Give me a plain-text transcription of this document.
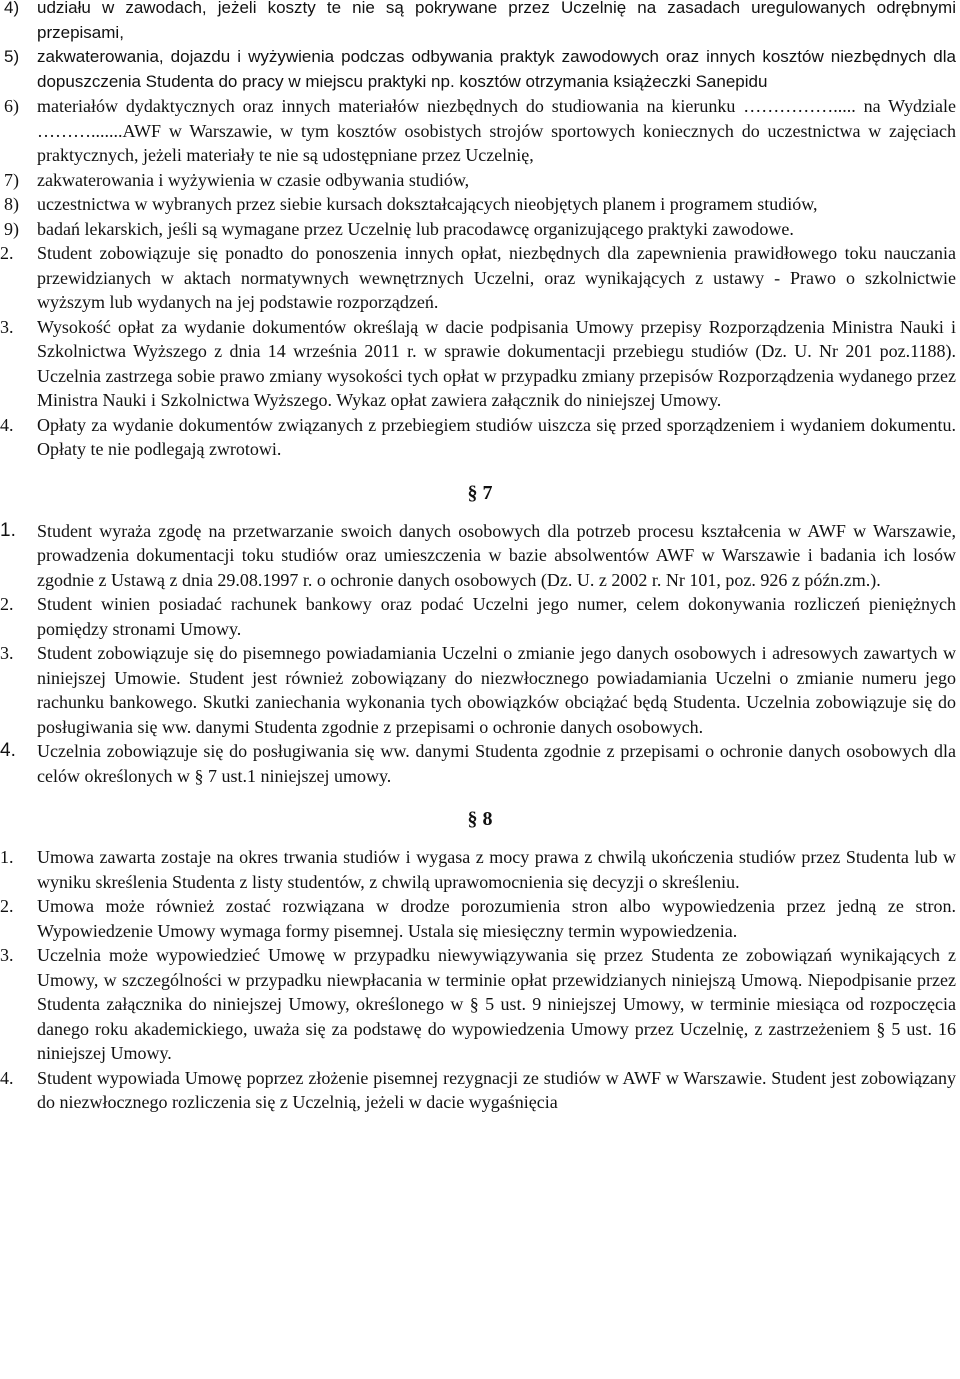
4)	udziału w zawodach, jeżeli koszty te nie są pokrywane przez Uczelnię na zasadach uregulowanych odrębnymi przepisami,
5)	zakwaterowania, dojazdu i wyżywienia podczas odbywania praktyk zawodowych oraz innych kosztów niezbędnych dla dopuszczenia Studenta do pracy w miejscu praktyki np. kosztów otrzymania książeczki Sanepidu
6)	materiałów dydaktycznych oraz innych materiałów niezbędnych do studiowania na kierunku ……………..... na Wydziale ……….......AWF w Warszawie, w tym kosztów osobistych strojów sportowych koniecznych do uczestnictwa w zajęciach praktycznych, jeżeli materiały te nie są udostępniane przez Uczelnię,
7)	zakwaterowania i wyżywienia w czasie odbywania studiów,
8)	uczestnictwa w wybranych przez siebie kursach dokształcających nieobjętych planem i programem studiów,
9)	badań lekarskich, jeśli są wymagane przez Uczelnię lub pracodawcę organizującego praktyki zawodowe.
2.	Student zobowiązuje się ponadto do ponoszenia innych opłat, niezbędnych dla zapewnienia prawidłowego toku nauczania przewidzianych w aktach normatywnych wewnętrznych Uczelni, oraz wynikających z ustawy - Prawo o szkolnictwie wyższym lub wydanych na jej podstawie rozporządzeń.
3.	Wysokość opłat za wydanie dokumentów określają w dacie podpisania Umowy przepisy Rozporządzenia Ministra Nauki i Szkolnictwa Wyższego z dnia 14 września 2011 r. w sprawie dokumentacji przebiegu studiów (Dz. U. Nr 201 poz.1188). Uczelnia zastrzega sobie prawo zmiany wysokości tych opłat w przypadku zmiany przepisów Rozporządzenia wydanego przez Ministra Nauki i Szkolnictwa Wyższego. Wykaz opłat zawiera załącznik do niniejszej Umowy.
4.	Opłaty za wydanie dokumentów związanych z przebiegiem studiów uiszcza się przed sporządzeniem i wydaniem dokumentu. Opłaty te nie podlegają zwrotowi.
§ 7
1.	Student wyraża zgodę na przetwarzanie swoich danych osobowych dla potrzeb procesu kształcenia w AWF w Warszawie, prowadzenia dokumentacji toku studiów oraz umieszczenia w bazie absolwentów AWF w Warszawie i badania ich losów zgodnie z Ustawą z dnia 29.08.1997 r. o ochronie danych osobowych (Dz. U. z 2002 r. Nr 101, poz. 926 z późn.zm.).
2.	Student winien posiadać rachunek bankowy oraz podać Uczelni jego numer, celem dokonywania rozliczeń pieniężnych pomiędzy stronami Umowy.
3.	Student zobowiązuje się do pisemnego powiadamiania Uczelni o zmianie jego danych osobowych i adresowych zawartych w niniejszej Umowie. Student jest również zobowiązany do niezwłocznego powiadamiania Uczelni o zmianie numeru jego rachunku bankowego. Skutki zaniechania wykonania tych obowiązków obciążać będą Studenta. Uczelnia zobowiązuje się do posługiwania się ww. danymi Studenta zgodnie z przepisami o ochronie danych osobowych.
4.	Uczelnia zobowiązuje się do posługiwania się ww. danymi Studenta zgodnie z przepisami o ochronie danych osobowych dla celów określonych w § 7 ust.1 niniejszej umowy.
§ 8
1.	Umowa zawarta zostaje na okres trwania studiów i wygasa z mocy prawa z chwilą ukończenia studiów przez Studenta lub w wyniku skreślenia Studenta z listy studentów, z chwilą uprawomocnienia się decyzji o skreśleniu.
2.	Umowa może również zostać rozwiązana w drodze porozumienia stron albo wypowiedzenia przez jedną ze stron. Wypowiedzenie Umowy wymaga formy pisemnej. Ustala się miesięczny termin wypowiedzenia.
3.	Uczelnia może wypowiedzieć Umowę w przypadku niewywiązywania się przez Studenta ze zobowiązań wynikających z Umowy, w szczególności w przypadku niewpłacania w terminie opłat przewidzianych niniejszą Umową. Niepodpisanie przez Studenta załącznika do niniejszej Umowy, określonego w § 5 ust. 9 niniejszej Umowy, w terminie miesiąca od rozpoczęcia danego roku akademickiego, uważa się za podstawę do wypowiedzenia Umowy przez Uczelnię, z zastrzeżeniem § 5 ust. 16 niniejszej Umowy.
4.	Student wypowiada Umowę poprzez złożenie pisemnej rezygnacji ze studiów w AWF w Warszawie. Student jest zobowiązany do niezwłocznego rozliczenia się z Uczelnią, jeżeli w dacie wygaśnięcia
